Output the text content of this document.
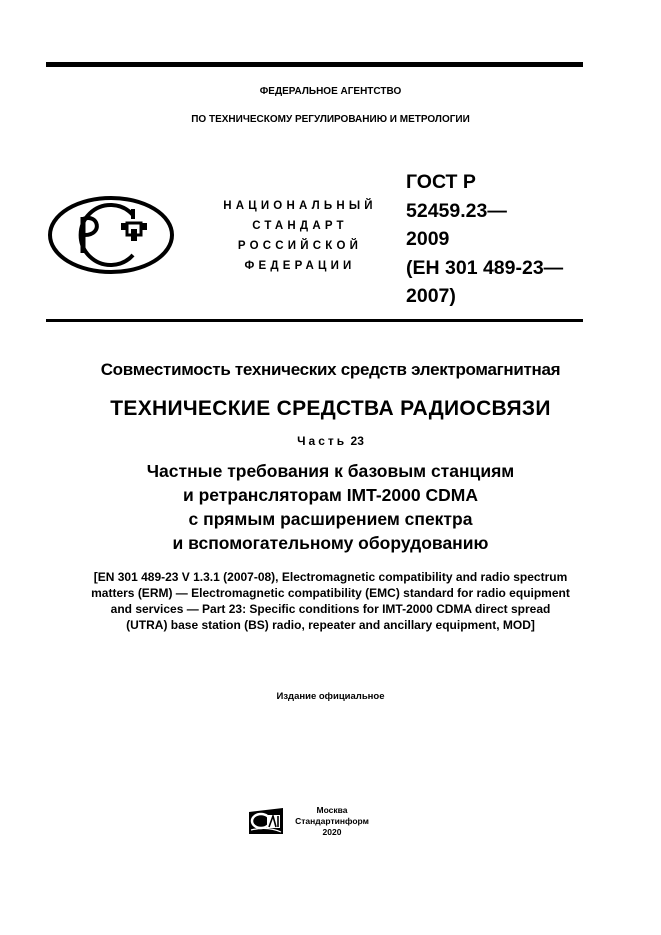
ФЕДЕРАЛЬНОЕ АГЕНТСТВО
ПО ТЕХНИЧЕСКОМУ РЕГУЛИРОВАНИЮ И МЕТРОЛОГИИ
НАЦИОНАЛЬНЫЙ
СТАНДАРТ
РОССИЙСКОЙ
ФЕДЕРАЦИИ
ГОСТ Р
52459.23—
2009
(ЕН 301 489-23—
2007)
Совместимость технических средств электромагнитная
ТЕХНИЧЕСКИЕ СРЕДСТВА РАДИОСВЯЗИ
Часть 23
Частные требования к базовым станциям
и ретрансляторам IMT-2000 CDMA
с прямым расширением спектра
и вспомогательному оборудованию
[EN 301 489-23 V 1.3.1 (2007-08), Electromagnetic compatibility and radio spectrum
matters (ERM) — Electromagnetic compatibility (EMC) standard for radio equipment
and services — Part 23: Specific conditions for IMT-2000 CDMA direct spread
(UTRA) base station (BS) radio, repeater and ancillary equipment, MOD]
Издание официальное
Москва
Стандартинформ
2020
